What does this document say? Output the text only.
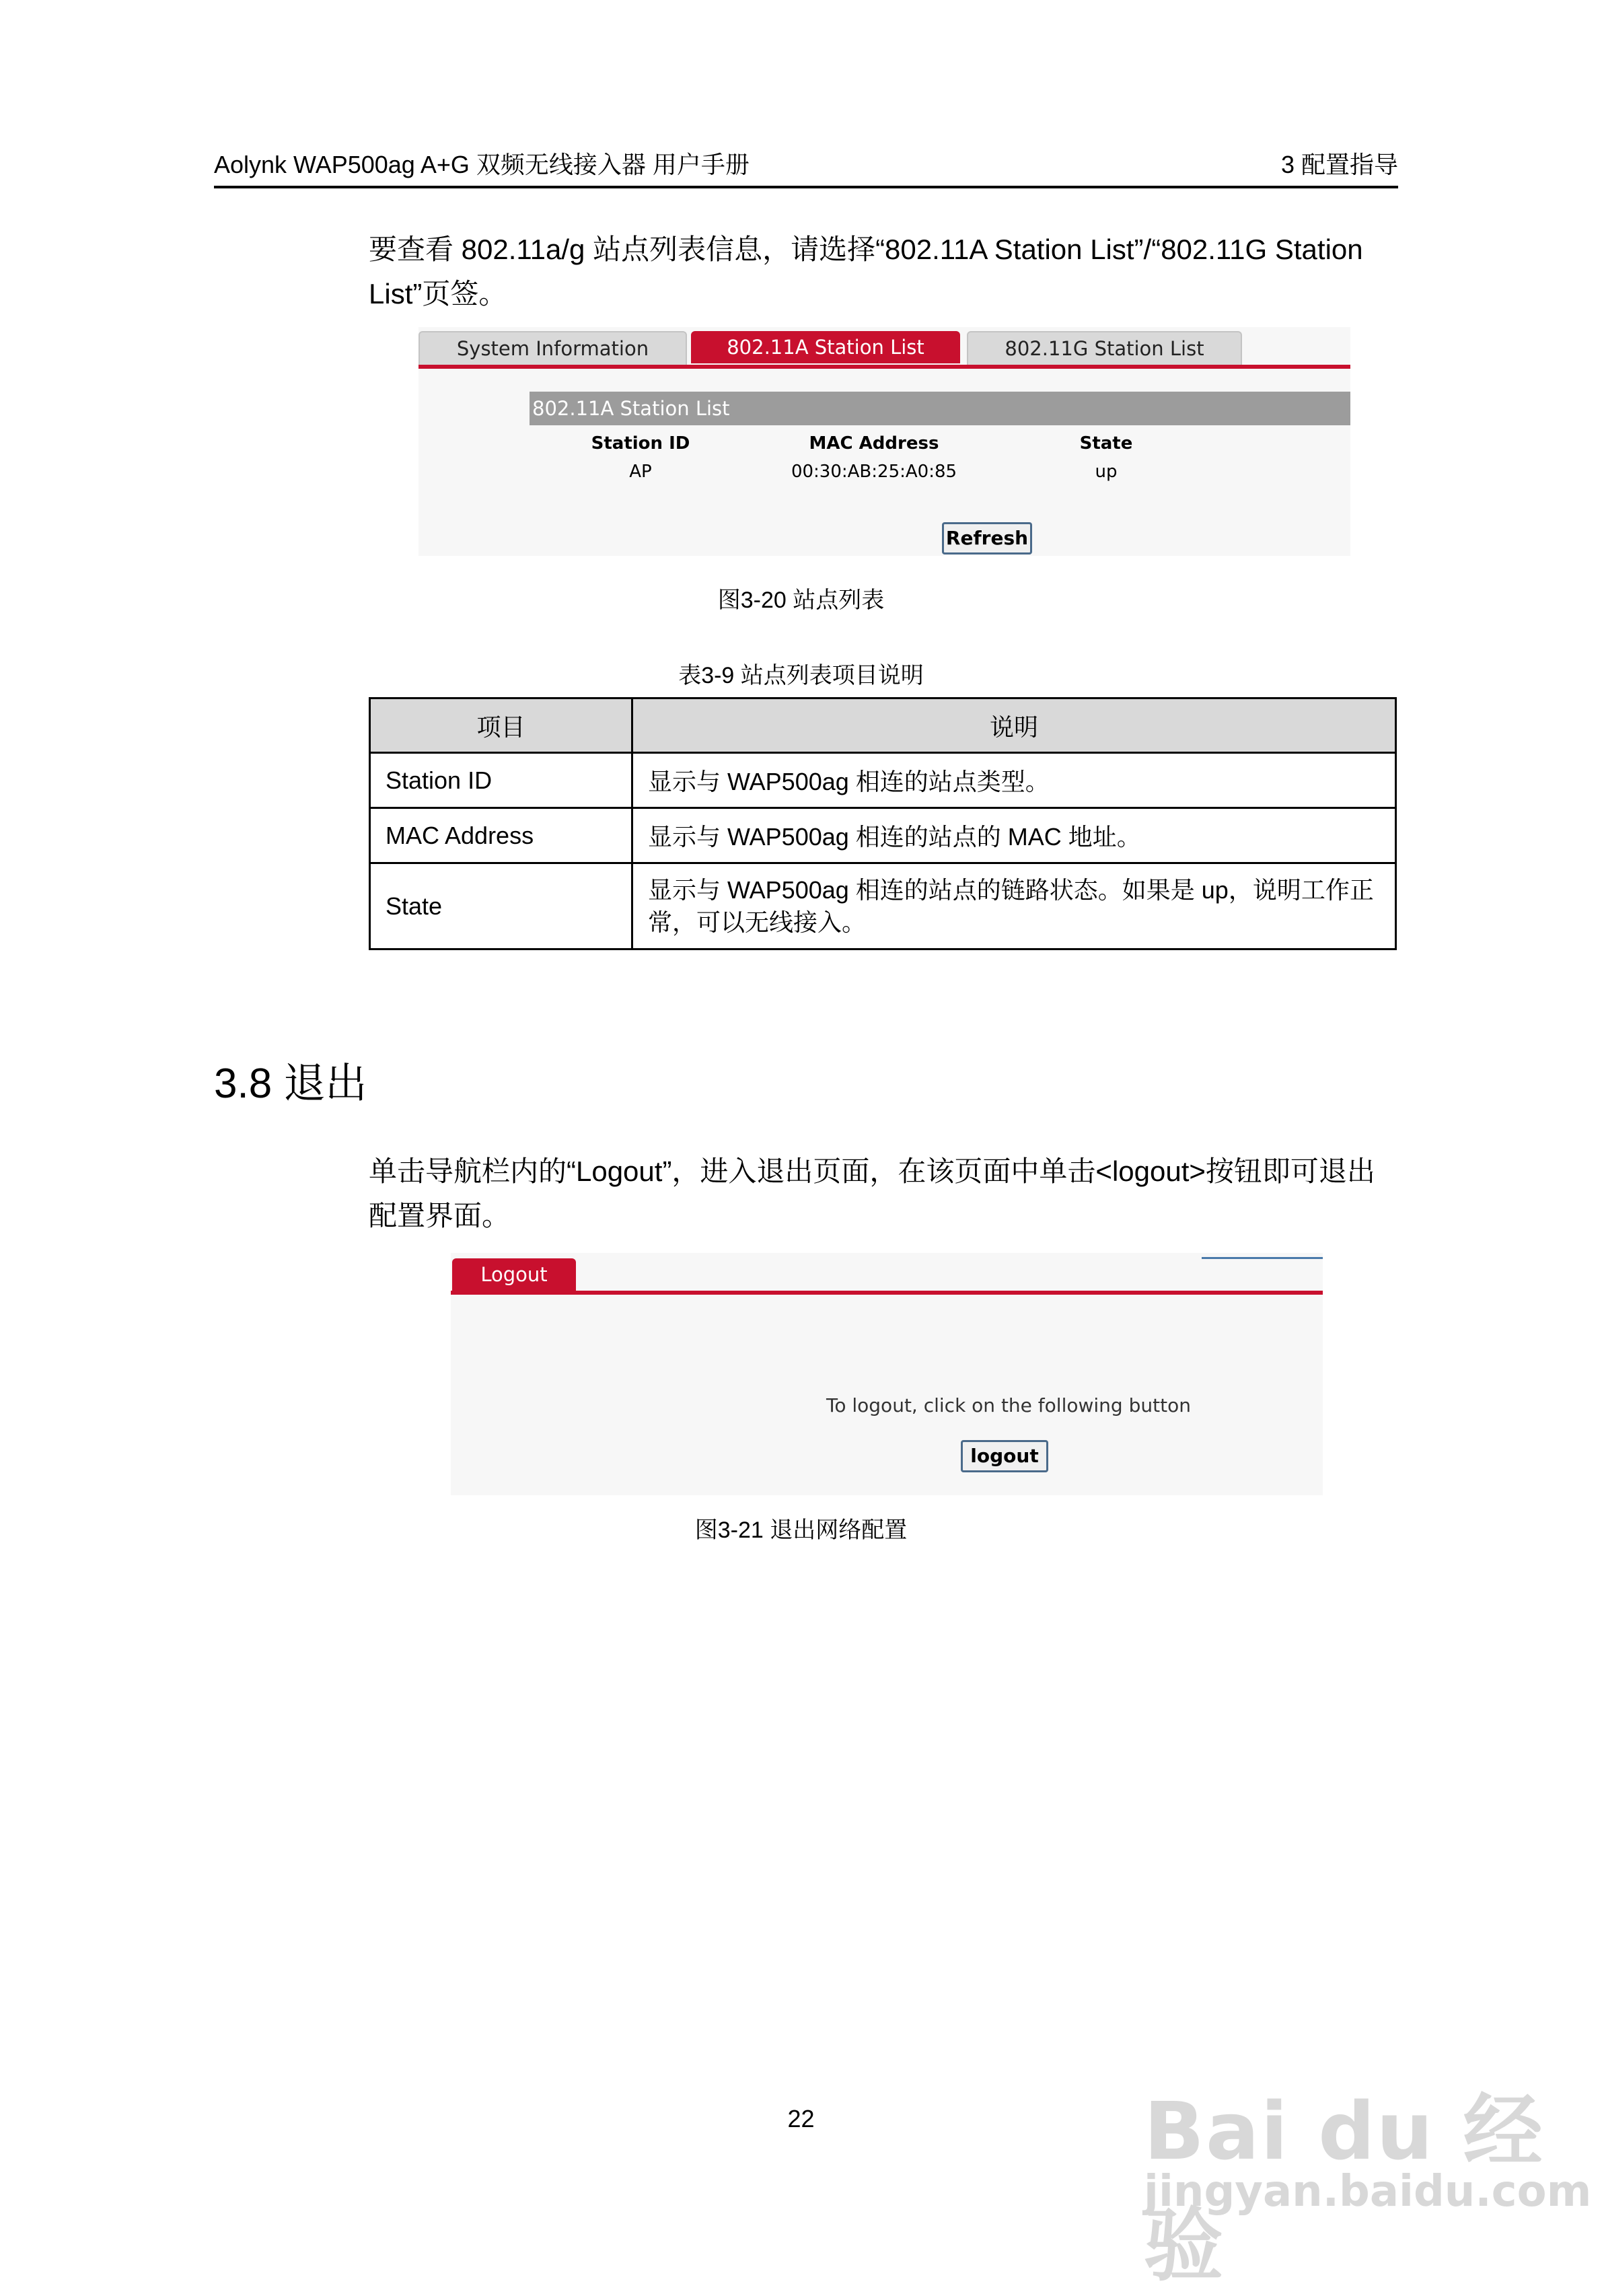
Aolynk WAP500ag A+G 双频无线接入器 用户手册	3 配置指导
要查看 802.11a/g 站点列表信息，请选择“802.11A Station List”/“802.11G Station List”页签。
System Information	802.11A Station List	802.11G Station List
802.11A Station List
Station ID	MAC Address	State
AP	00:30:AB:25:A0:85	up
Refresh
图3-20 站点列表
表3-9 站点列表项目说明
项目	说明
Station ID	显示与 WAP500ag 相连的站点类型。
MAC Address	显示与 WAP500ag 相连的站点的 MAC 地址。
State	显示与 WAP500ag 相连的站点的链路状态。如果是 up，说明工作正常，可以无线接入。
3.8 退出
单击导航栏内的“Logout”，进入退出页面，在该页面中单击<logout>按钮即可退出配置界面。
Logout
To logout, click on the following button
logout
图3-21 退出网络配置
22	Bai du 经验
jingyan.baidu.com
